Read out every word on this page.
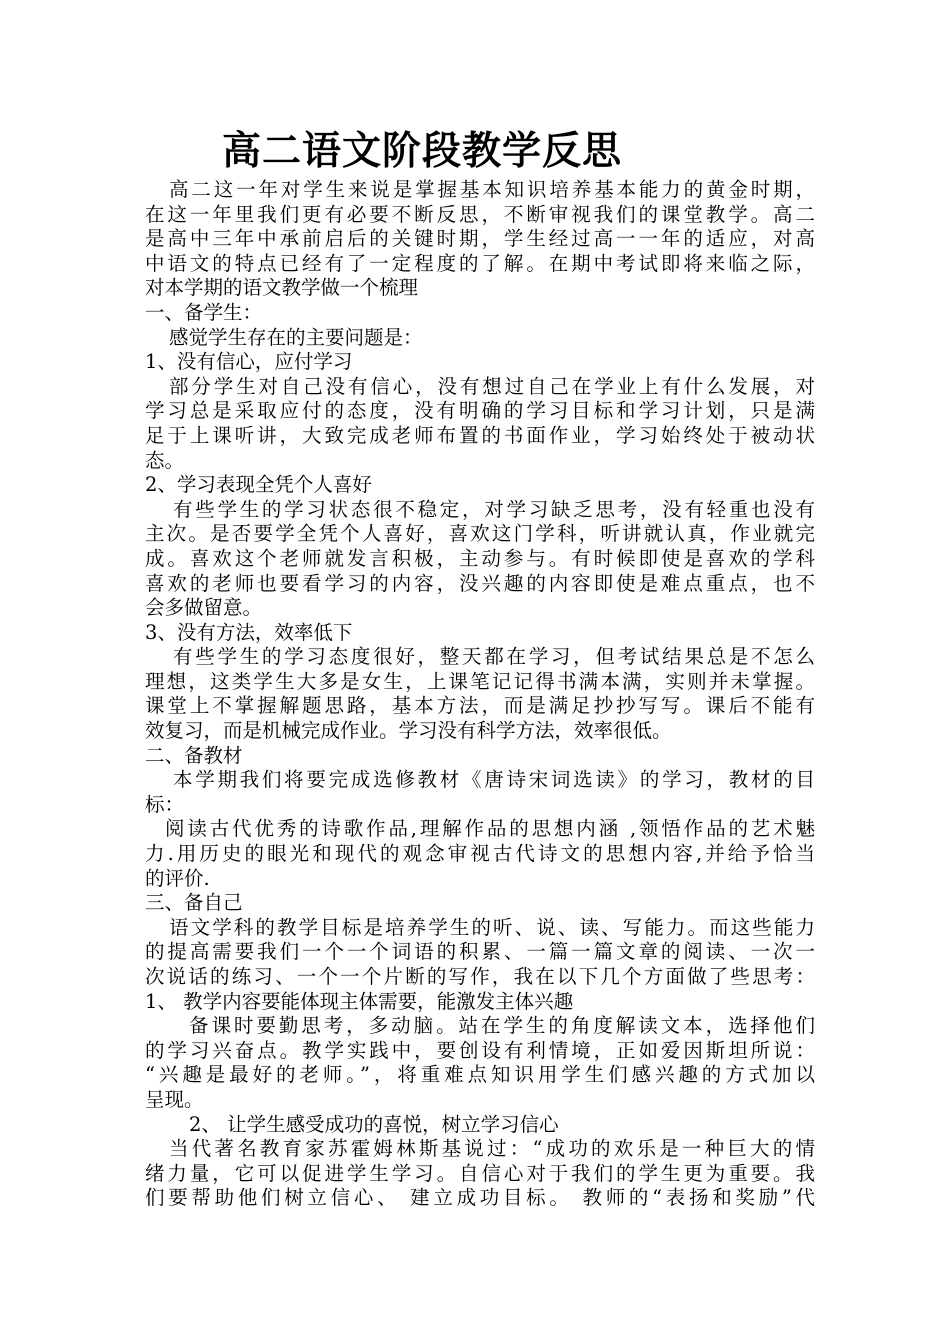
高二语文阶段教学反思
高二这一年对学生来说是掌握基本知识培养基本能力的黄金时期，
在这一年里我们更有必要不断反思，不断审视我们的课堂教学。高二
是高中三年中承前启后的关键时期，学生经过高一一年的适应，对高
中语文的特点已经有了一定程度的了解。在期中考试即将来临之际，
对本学期的语文教学做一个梳理
一、备学生：
感觉学生存在的主要问题是：
1、没有信心，应付学习
部分学生对自己没有信心，没有想过自己在学业上有什么发展，对
学习总是采取应付的态度，没有明确的学习目标和学习计划，只是满
足于上课听讲，大致完成老师布置的书面作业，学习始终处于被动状
态。
2、学习表现全凭个人喜好
有些学生的学习状态很不稳定，对学习缺乏思考，没有轻重也没有
主次。是否要学全凭个人喜好，喜欢这门学科，听讲就认真，作业就完
成。喜欢这个老师就发言积极，主动参与。有时候即使是喜欢的学科
喜欢的老师也要看学习的内容，没兴趣的内容即使是难点重点，也不
会多做留意。
3、没有方法，效率低下
有些学生的学习态度很好，整天都在学习，但考试结果总是不怎么
理想，这类学生大多是女生，上课笔记记得书满本满，实则并未掌握。
课堂上不掌握解题思路，基本方法，而是满足抄抄写写。课后不能有
效复习，而是机械完成作业。学习没有科学方法，效率很低。
二、备教材
本学期我们将要完成选修教材《唐诗宋词选读》的学习，教材的目
标：
阅读古代优秀的诗歌作品,理解作品的思想内涵 ,领悟作品的艺术魅
力.用历史的眼光和现代的观念审视古代诗文的思想内容,并给予恰当
的评价.
三、备自己
语文学科的教学目标是培养学生的听、说、读、写能力。而这些能力
的提高需要我们一个一个词语的积累、一篇一篇文章的阅读、一次一
次说话的练习、一个一个片断的写作，我在以下几个方面做了些思考：
1、 教学内容要能体现主体需要，能激发主体兴趣
备课时要勤思考，多动脑。站在学生的角度解读文本，选择他们
的学习兴奋点。教学实践中，要创设有利情境，正如爱因斯坦所说：
“兴趣是最好的老师。”，将重难点知识用学生们感兴趣的方式加以
呈现。
2、 让学生感受成功的喜悦，树立学习信心
当代著名教育家苏霍姆林斯基说过：“成功的欢乐是一种巨大的情
绪力量，它可以促进学生学习。自信心对于我们的学生更为重要。我
们要帮助他们树立信心、 建立成功目标。 教师的“表扬和奖励”代
